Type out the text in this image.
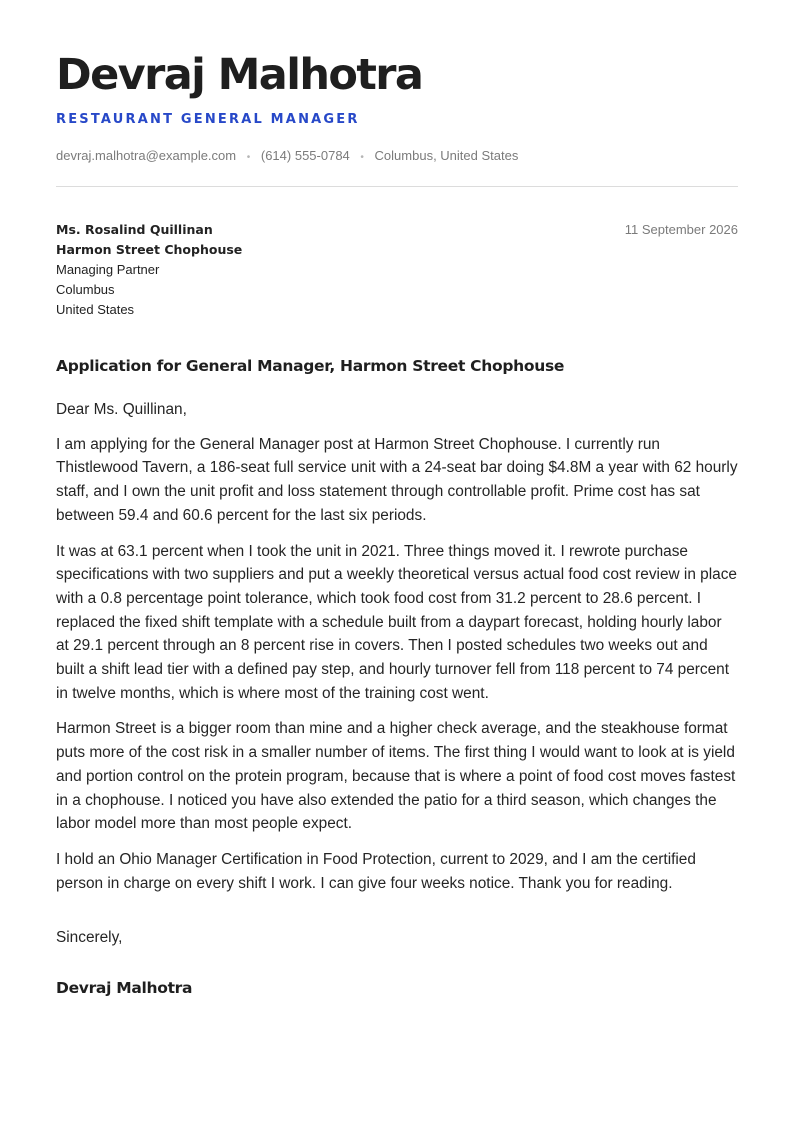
Devraj Malhotra
RESTAURANT GENERAL MANAGER
devraj.malhotra@example.com • (614) 555-0784 • Columbus, United States
Ms. Rosalind Quillinan
Harmon Street Chophouse
Managing Partner
Columbus
United States
11 September 2026
Application for General Manager, Harmon Street Chophouse

Dear Ms. Quillinan,

I am applying for the General Manager post at Harmon Street Chophouse. I currently run Thistlewood Tavern, a 186-seat full service unit with a 24-seat bar doing $4.8M a year with 62 hourly staff, and I own the unit profit and loss statement through controllable profit. Prime cost has sat between 59.4 and 60.6 percent for the last six periods.

It was at 63.1 percent when I took the unit in 2021. Three things moved it. I rewrote purchase specifications with two suppliers and put a weekly theoretical versus actual food cost review in place with a 0.8 percentage point tolerance, which took food cost from 31.2 percent to 28.6 percent. I replaced the fixed shift template with a schedule built from a daypart forecast, holding hourly labor at 29.1 percent through an 8 percent rise in covers. Then I posted schedules two weeks out and built a shift lead tier with a defined pay step, and hourly turnover fell from 118 percent to 74 percent in twelve months, which is where most of the training cost went.

Harmon Street is a bigger room than mine and a higher check average, and the steakhouse format puts more of the cost risk in a smaller number of items. The first thing I would want to look at is yield and portion control on the protein program, because that is where a point of food cost moves fastest in a chophouse. I noticed you have also extended the patio for a third season, which changes the labor model more than most people expect.

I hold an Ohio Manager Certification in Food Protection, current to 2029, and I am the certified person in charge on every shift I work. I can give four weeks notice. Thank you for reading.

Sincerely,
Devraj Malhotra
